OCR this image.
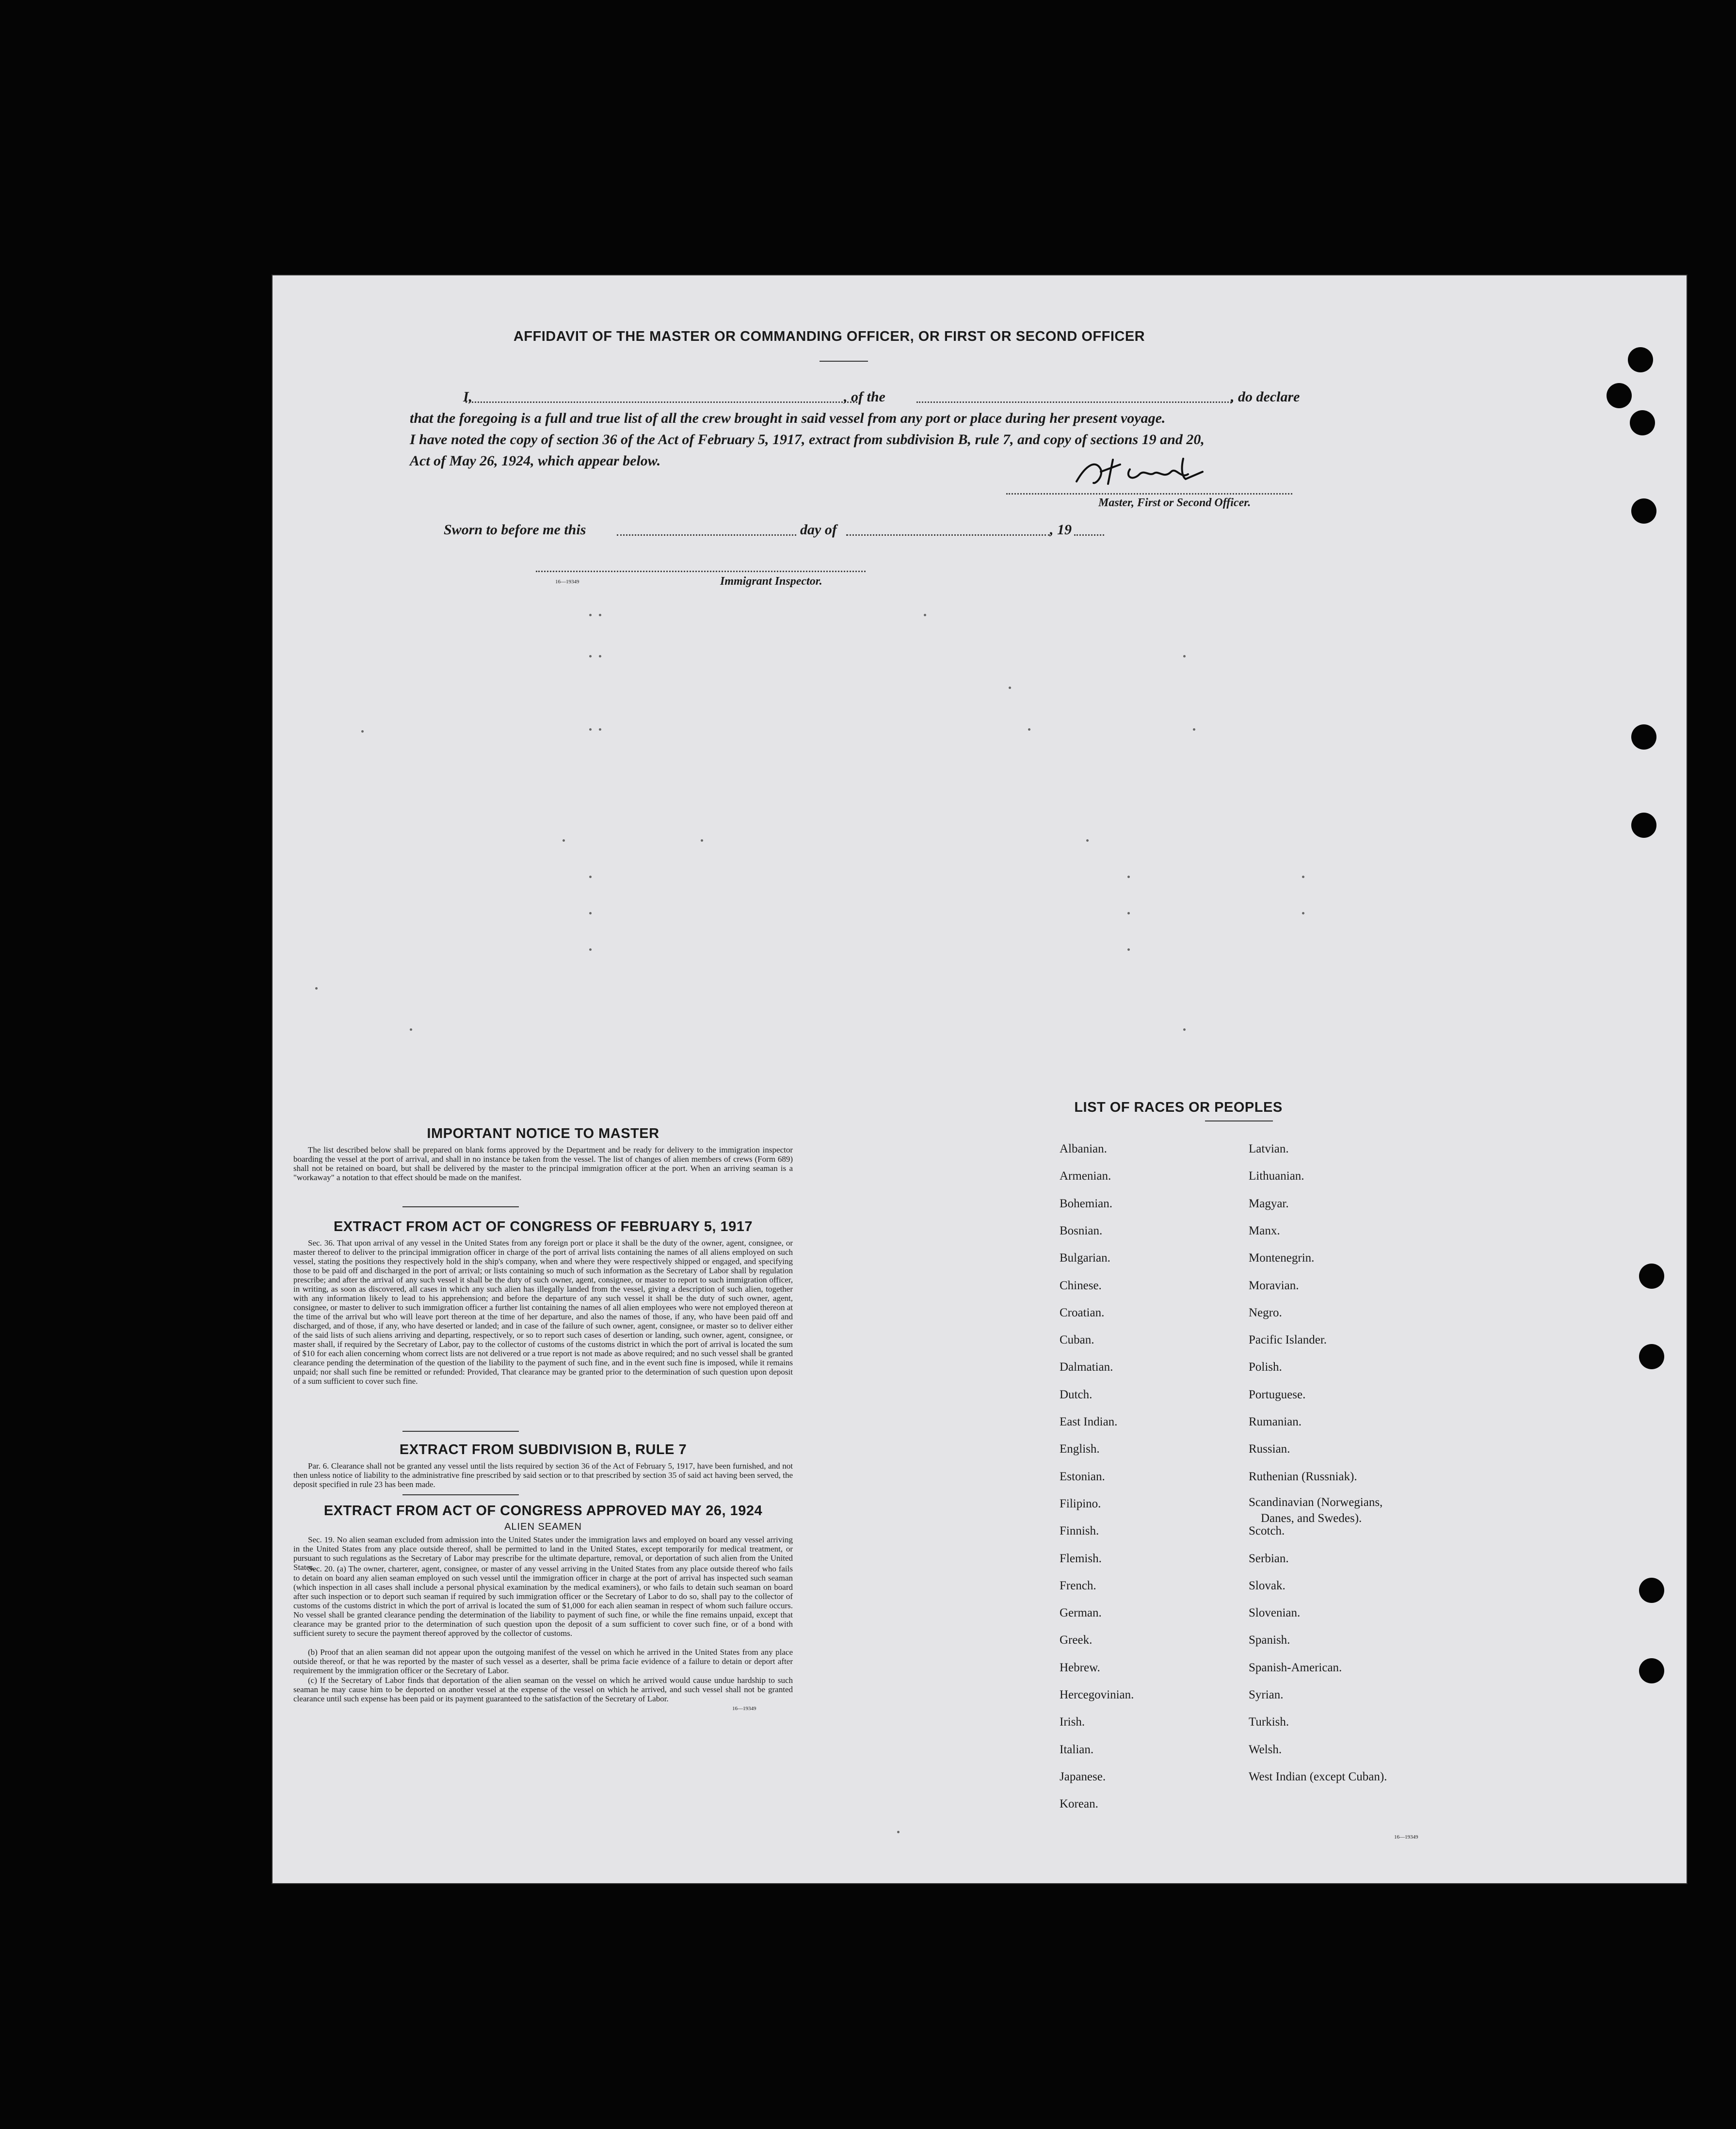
AFFIDAVIT OF THE MASTER OR COMMANDING OFFICER, OR FIRST OR SECOND OFFICER
I,	, of the	, do declare
that the foregoing is a full and true list of all the crew brought in said vessel from any port or place during her present voyage.
I have noted the copy of section 36 of the Act of February 5, 1917, extract from subdivision B, rule 7, and copy of sections 19 and 20,
Act of May 26, 1924, which appear below.
Master, First or Second Officer.
Sworn to before me this	day of	, 19
16—19349	Immigrant Inspector.
IMPORTANT NOTICE TO MASTER
The list described below shall be prepared on blank forms approved by the Department and be ready for delivery to the immigration inspector boarding the vessel at the port of arrival, and shall in no instance be taken from the vessel. The list of changes of alien members of crews (Form 689) shall not be retained on board, but shall be delivered by the master to the principal immigration officer at the port. When an arriving seaman is a "workaway" a notation to that effect should be made on the manifest.
EXTRACT FROM ACT OF CONGRESS OF FEBRUARY 5, 1917
Sec. 36. That upon arrival of any vessel in the United States from any foreign port or place it shall be the duty of the owner, agent, consignee, or master thereof to deliver to the principal immigration officer in charge of the port of arrival lists containing the names of all aliens employed on such vessel, stating the positions they respectively hold in the ship's company, when and where they were respectively shipped or engaged, and specifying those to be paid off and discharged in the port of arrival; or lists containing so much of such information as the Secretary of Labor shall by regulation prescribe; and after the arrival of any such vessel it shall be the duty of such owner, agent, consignee, or master to report to such immigration officer, in writing, as soon as discovered, all cases in which any such alien has illegally landed from the vessel, giving a description of such alien, together with any information likely to lead to his apprehension; and before the departure of any such vessel it shall be the duty of such owner, agent, consignee, or master to deliver to such immigration officer a further list containing the names of all alien employees who were not employed thereon at the time of the arrival but who will leave port thereon at the time of her departure, and also the names of those, if any, who have been paid off and discharged, and of those, if any, who have deserted or landed; and in case of the failure of such owner, agent, consignee, or master so to deliver either of the said lists of such aliens arriving and departing, respectively, or so to report such cases of desertion or landing, such owner, agent, consignee, or master shall, if required by the Secretary of Labor, pay to the collector of customs of the customs district in which the port of arrival is located the sum of $10 for each alien concerning whom correct lists are not delivered or a true report is not made as above required; and no such vessel shall be granted clearance pending the determination of the question of the liability to the payment of such fine, and in the event such fine is imposed, while it remains unpaid; nor shall such fine be remitted or refunded: Provided, That clearance may be granted prior to the determination of such question upon deposit of a sum sufficient to cover such fine.
EXTRACT FROM SUBDIVISION B, RULE 7
Par. 6. Clearance shall not be granted any vessel until the lists required by section 36 of the Act of February 5, 1917, have been furnished, and not then unless notice of liability to the administrative fine prescribed by said section or to that prescribed by section 35 of said act having been served, the deposit specified in rule 23 has been made.
EXTRACT FROM ACT OF CONGRESS APPROVED MAY 26, 1924
ALIEN SEAMEN
Sec. 19. No alien seaman excluded from admission into the United States under the immigration laws and employed on board any vessel arriving in the United States from any place outside thereof, shall be permitted to land in the United States, except temporarily for medical treatment, or pursuant to such regulations as the Secretary of Labor may prescribe for the ultimate departure, removal, or deportation of such alien from the United States.
Sec. 20. (a) The owner, charterer, agent, consignee, or master of any vessel arriving in the United States from any place outside thereof who fails to detain on board any alien seaman employed on such vessel until the immigration officer in charge at the port of arrival has inspected such seaman (which inspection in all cases shall include a personal physical examination by the medical examiners), or who fails to detain such seaman on board after such inspection or to deport such seaman if required by such immigration officer or the Secretary of Labor to do so, shall pay to the collector of customs of the customs district in which the port of arrival is located the sum of $1,000 for each alien seaman in respect of whom such failure occurs. No vessel shall be granted clearance pending the determination of the liability to payment of such fine, or while the fine remains unpaid, except that clearance may be granted prior to the determination of such question upon the deposit of a sum sufficient to cover such fine, or of a bond with sufficient surety to secure the payment thereof approved by the collector of customs.
(b) Proof that an alien seaman did not appear upon the outgoing manifest of the vessel on which he arrived in the United States from any place outside thereof, or that he was reported by the master of such vessel as a deserter, shall be prima facie evidence of a failure to detain or deport after requirement by the immigration officer or the Secretary of Labor.
(c) If the Secretary of Labor finds that deportation of the alien seaman on the vessel on which he arrived would cause undue hardship to such seaman he may cause him to be deported on another vessel at the expense of the vessel on which he arrived, and such vessel shall not be granted clearance until such expense has been paid or its payment guaranteed to the satisfaction of the Secretary of Labor.
16—19349
LIST OF RACES OR PEOPLES
16—19349
Albanian.
Armenian.
Bohemian.
Bosnian.
Bulgarian.
Chinese.
Croatian.
Cuban.
Dalmatian.
Dutch.
East Indian.
English.
Estonian.
Filipino.
Finnish.
Flemish.
French.
German.
Greek.
Hebrew.
Hercegovinian.
Irish.
Italian.
Japanese.
Korean.
Latvian.
Lithuanian.
Magyar.
Manx.
Montenegrin.
Moravian.
Negro.
Pacific Islander.
Polish.
Portuguese.
Rumanian.
Russian.
Ruthenian (Russniak).
Scandinavian (Norwegians,
Danes, and Swedes).
Scotch.
Serbian.
Slovak.
Slovenian.
Spanish.
Spanish-American.
Syrian.
Turkish.
Welsh.
West Indian (except Cuban).
